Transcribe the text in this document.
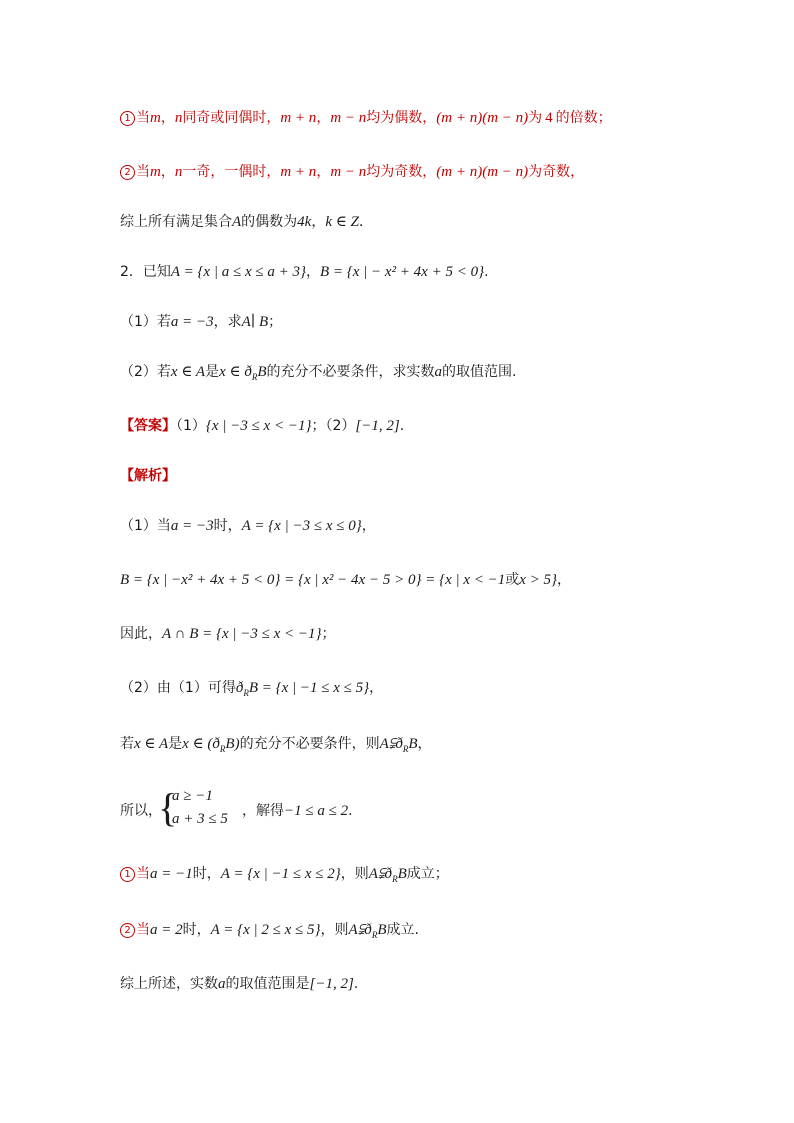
1 当m，n同奇或同偶时，m + n，m − n均为偶数，(m + n)(m − n)为 4 的倍数；
2 当m，n一奇，一偶时，m + n，m − n均为奇数，(m + n)(m − n)为奇数，
综上所有满足集合A的偶数为4k，k ∈ Z．
2．已知A = {x | a ≤ x ≤ a + 3}，B = {x | − x² + 4x + 5 < 0}.
（1）若a = −3，求A∣ B；
（2）若x ∈ A是x ∈ $ð_RB$的充分不必要条件，求实数a的取值范围.
【答案】（1）{x | −3 ≤ x < −1}；（2）[−1, 2].
【解析】
（1）当a = −3时，A = {x | −3 ≤ x ≤ 0}，
B = {x | −x² + 4x + 5 < 0} = {x | x² − 4x − 5 > 0} = {x | x < −1或x > 5}，
因此，A ∩ B = {x | −3 ≤ x < −1}；
（2）由（1）可得$ð_RB = \{x$ | −1 ≤ x ≤ 5}，
若x ∈ A是x ∈ $(ð_RB)$的充分不必要条件，则$A⫋ð_RB$，
所以，
{
a ≥ −1
a + 3 ≤ 5 ，解得−1 ≤ a ≤ 2.
1 当a = −1时，A = {x | −1 ≤ x ≤ 2}，则$A⫋ð_RB$成立；
2 当a = 2时，A = {x | 2 ≤ x ≤ 5}，则$A⫋ð_RB$成立.
综上所述，实数a的取值范围是[−1, 2].
